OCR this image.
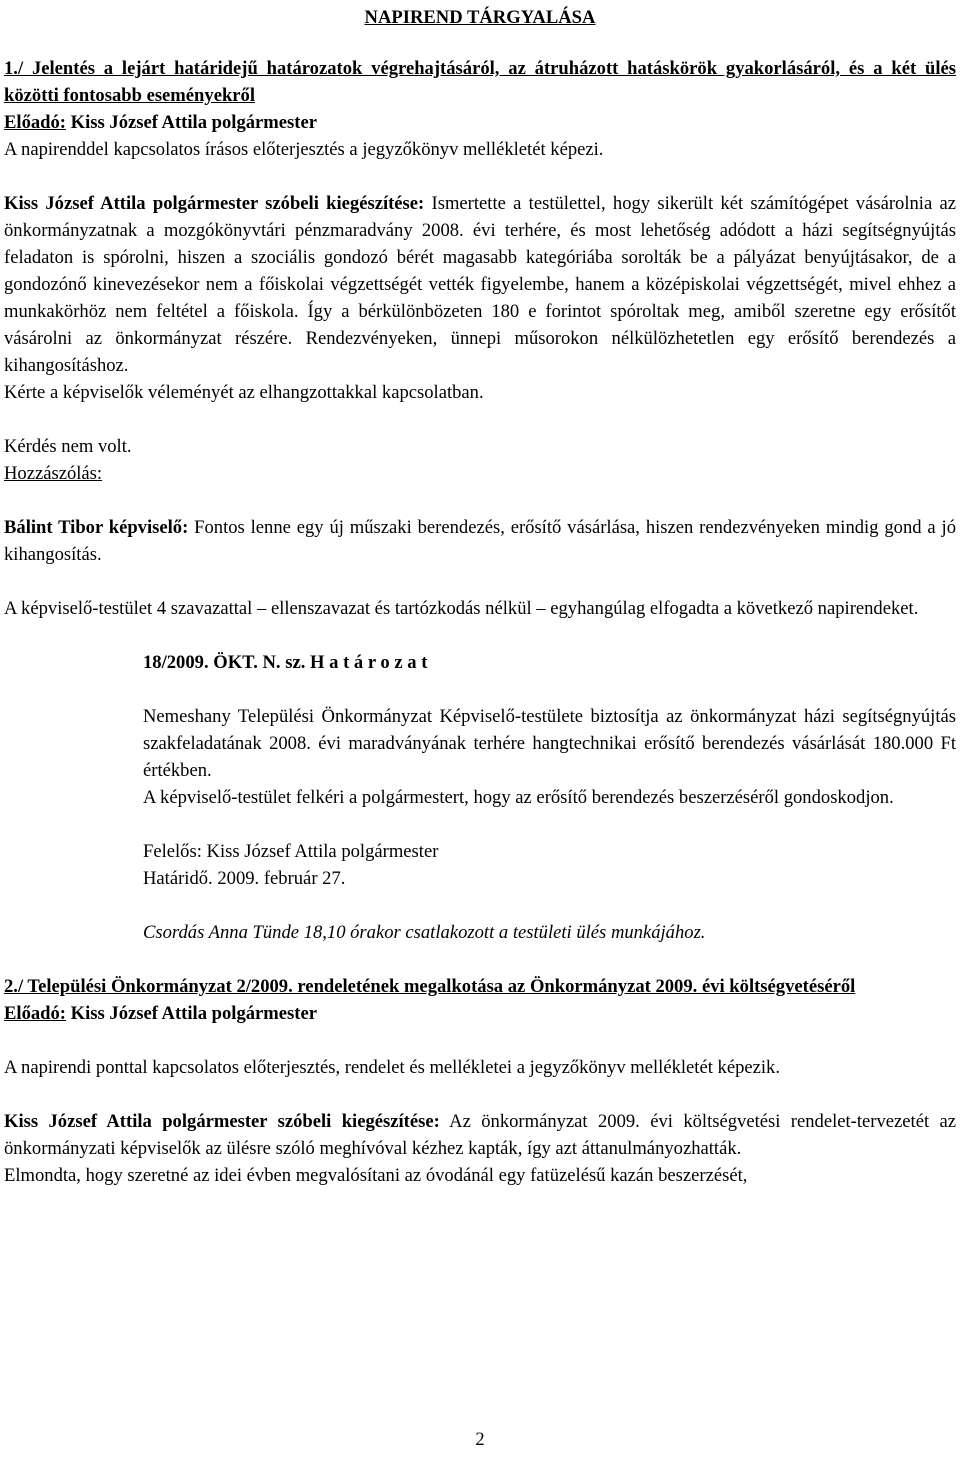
NAPIREND TÁRGYALÁSA

1./ Jelentés a lejárt határidejű határozatok végrehajtásáról, az átruházott hatáskörök gyakorlásáról, és a két ülés közötti fontosabb eseményekről

Előadó: Kiss József Attila polgármester

A napirenddel kapcsolatos írásos előterjesztés a jegyzőkönyv mellékletét képezi.

Kiss József Attila polgármester szóbeli kiegészítése: Ismertette a testülettel, hogy sikerült két számítógépet vásárolnia az önkormányzatnak a mozgókönyvtári pénzmaradvány 2008. évi terhére, és most lehetőség adódott a házi segítségnyújtás feladaton is spórolni, hiszen a szociális gondozó bérét magasabb kategóriába sorolták be a pályázat benyújtásakor, de a gondozónő kinevezésekor nem a főiskolai végzettségét vették figyelembe, hanem a középiskolai végzettségét, mivel ehhez a munkakörhöz nem feltétel a főiskola. Így a bérkülönbözeten 180 e forintot spóroltak meg, amiből szeretne egy erősítőt vásárolni az önkormányzat részére. Rendezvényeken, ünnepi műsorokon nélkülözhetetlen egy erősítő berendezés a kihangosításhoz.

Kérte a képviselők véleményét az elhangzottakkal kapcsolatban.

Kérdés nem volt.

Hozzászólás:

Bálint Tibor képviselő: Fontos lenne egy új műszaki berendezés, erősítő vásárlása, hiszen rendezvényeken mindig gond a jó kihangosítás.

A képviselő-testület 4 szavazattal – ellenszavazat és tartózkodás nélkül – egyhangúlag elfogadta a következő napirendeket.

18/2009. ÖKT. N. sz. H a t á r o z a t

Nemeshany Települési Önkormányzat Képviselő-testülete biztosítja az önkormányzat házi segítségnyújtás szakfeladatának 2008. évi maradványának terhére hangtechnikai erősítő berendezés vásárlását 180.000 Ft értékben.

A képviselő-testület felkéri a polgármestert, hogy az erősítő berendezés beszerzéséről gondoskodjon.

Felelős: Kiss József Attila polgármester

Határidő. 2009. február 27.

Csordás Anna Tünde 18,10 órakor csatlakozott a testületi ülés munkájához.

2./ Települési Önkormányzat 2/2009. rendeletének megalkotása az Önkormányzat 2009. évi költségvetéséről

Előadó: Kiss József Attila polgármester

A napirendi ponttal kapcsolatos előterjesztés, rendelet és mellékletei a jegyzőkönyv mellékletét képezik.

Kiss József Attila polgármester szóbeli kiegészítése: Az önkormányzat 2009. évi költségvetési rendelet-tervezetét az önkormányzati képviselők az ülésre szóló meghívóval kézhez kapták, így azt áttanulmányozhatták.

Elmondta, hogy szeretné az idei évben megvalósítani az óvodánál egy fatüzelésű kazán beszerzését,

2
